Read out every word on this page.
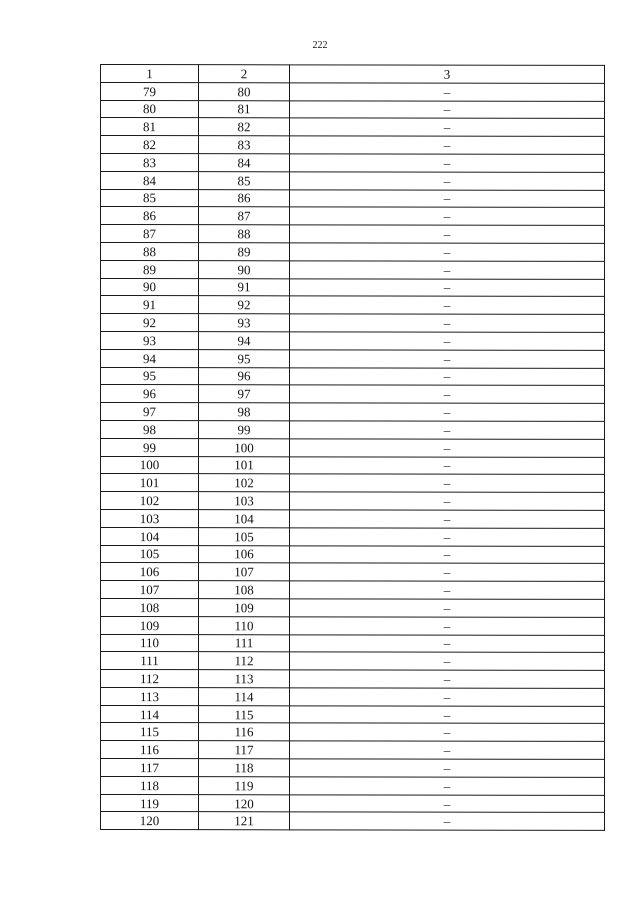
222
1	2	3
79	80	–
80	81	–
81	82	–
82	83	–
83	84	–
84	85	–
85	86	–
86	87	–
87	88	–
88	89	–
89	90	–
90	91	–
91	92	–
92	93	–
93	94	–
94	95	–
95	96	–
96	97	–
97	98	–
98	99	–
99	100	–
100	101	–
101	102	–
102	103	–
103	104	–
104	105	–
105	106	–
106	107	–
107	108	–
108	109	–
109	110	–
110	111	–
111	112	–
112	113	–
113	114	–
114	115	–
115	116	–
116	117	–
117	118	–
118	119	–
119	120	–
120	121	–
